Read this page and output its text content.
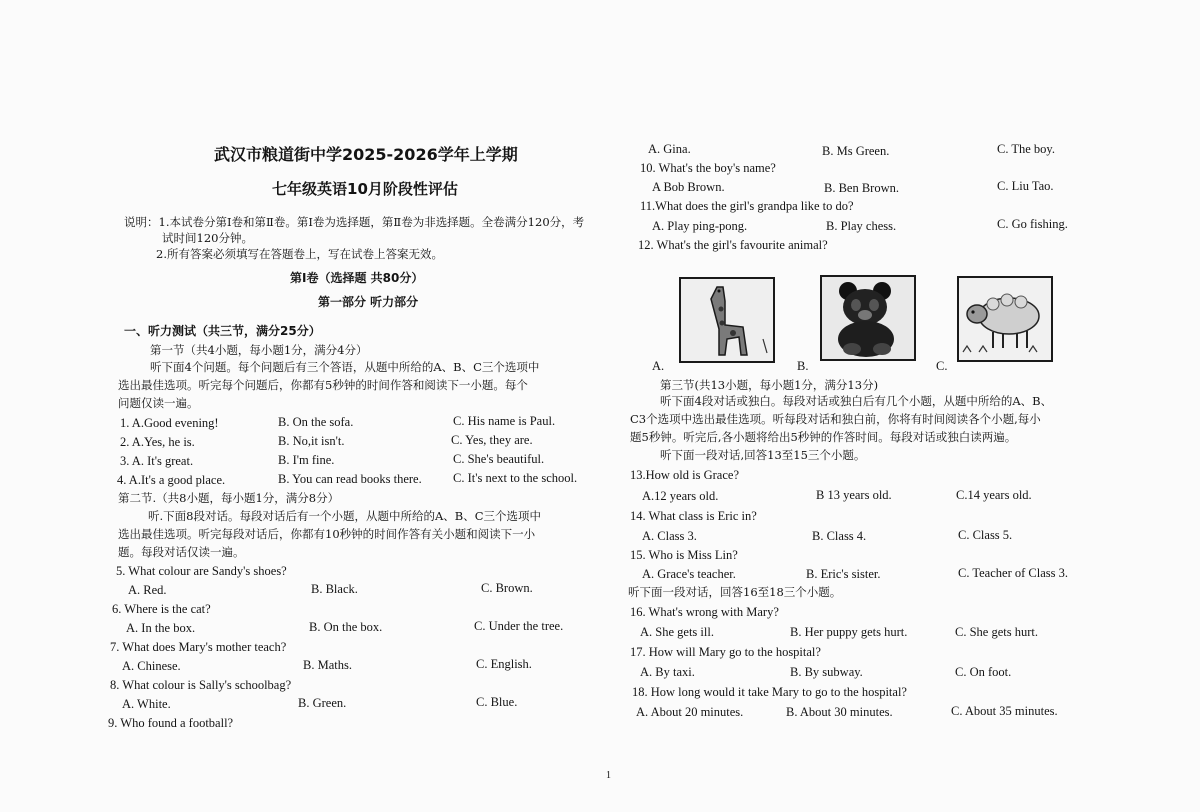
武汉市粮道街中学2025-2026学年上学期
七年级英语10月阶段性评估
说明：1.本试卷分第Ⅰ卷和第Ⅱ卷。第Ⅰ卷为选择题，第Ⅱ卷为非选择题。全卷满分120分，考
试时间120分钟。
2.所有答案必须填写在答题卷上，写在试卷上答案无效。
第Ⅰ卷（选择题 共80分）
第一部分 听力部分
一、听力测试（共三节，满分25分）
第一节（共4小题，每小题1分，满分4分）
听下面4个问题。每个问题后有三个答语，从题中所给的A、B、C三个选项中
选出最佳选项。听完每个问题后，你都有5秒钟的时间作答和阅读下一小题。每个
问题仅读一遍。
1. A.Good evening!	B. On the sofa.	C. His name is Paul.
2. A.Yes, he is.	B. No,it isn't.	C. Yes, they are.
3. A. It's great.	B. I'm fine.	C. She's beautiful.
4. A.It's a good place.	B. You can read books there.	C. It's next to the school.
第二节.（共8小题，每小题1分，满分8分）
听.下面8段对话。每段对话后有一个小题，从题中所给的A、B、C三个选项中
选出最佳选项。听完每段对话后，你都有10秒钟的时间作答有关小题和阅读下一小
题。每段对话仅读一遍。
5. What colour are Sandy's shoes?
A. Red.	B. Black.	C. Brown.
6. Where is the cat?
A. In the box.	B. On the box.	C. Under the tree.
7. What does Mary's mother teach?
A. Chinese.	B. Maths.	C. English.
8. What colour is Sally's schoolbag?
A. White.	B. Green.	C. Blue.
9. Who found a football?
A. Gina.	B. Ms Green.	C. The boy.
10. What's the boy's name?
A Bob Brown.	B. Ben Brown.	C. Liu Tao.
11.What does the girl's grandpa like to do?
A. Play ping-pong.	B. Play chess.	C. Go fishing.
12. What's the girl's favourite animal?
A.	B.	C.
第三节(共13小题，每小题1分，满分13分)
听下面4段对话或独白。每段对话或独白后有几个小题，从题中所给的A、B、
C3个选项中选出最佳选项。听每段对话和独白前，你将有时间阅读各个小题,每小
题5秒钟。听完后,各小题将给出5秒钟的作答时间。每段对话或独白读两遍。
听下面一段对话,回答13至15三个小题。
13.How old is Grace?
A.12 years old.	B 13 years old.	C.14 years old.
14. What class is Eric in?
A. Class 3.	B. Class 4.	C. Class 5.
15. Who is Miss Lin?
A. Grace's teacher.	B. Eric's sister.	C. Teacher of Class 3.
听下面一段对话，回答16至18三个小题。
16. What's wrong with Mary?
A. She gets ill.	B. Her puppy gets hurt.	C. She gets hurt.
17. How will Mary go to the hospital?
A. By taxi.	B. By subway.	C. On foot.
18. How long would it take Mary to go to the hospital?
A. About 20 minutes.	B. About 30 minutes.	C. About 35 minutes.
1
